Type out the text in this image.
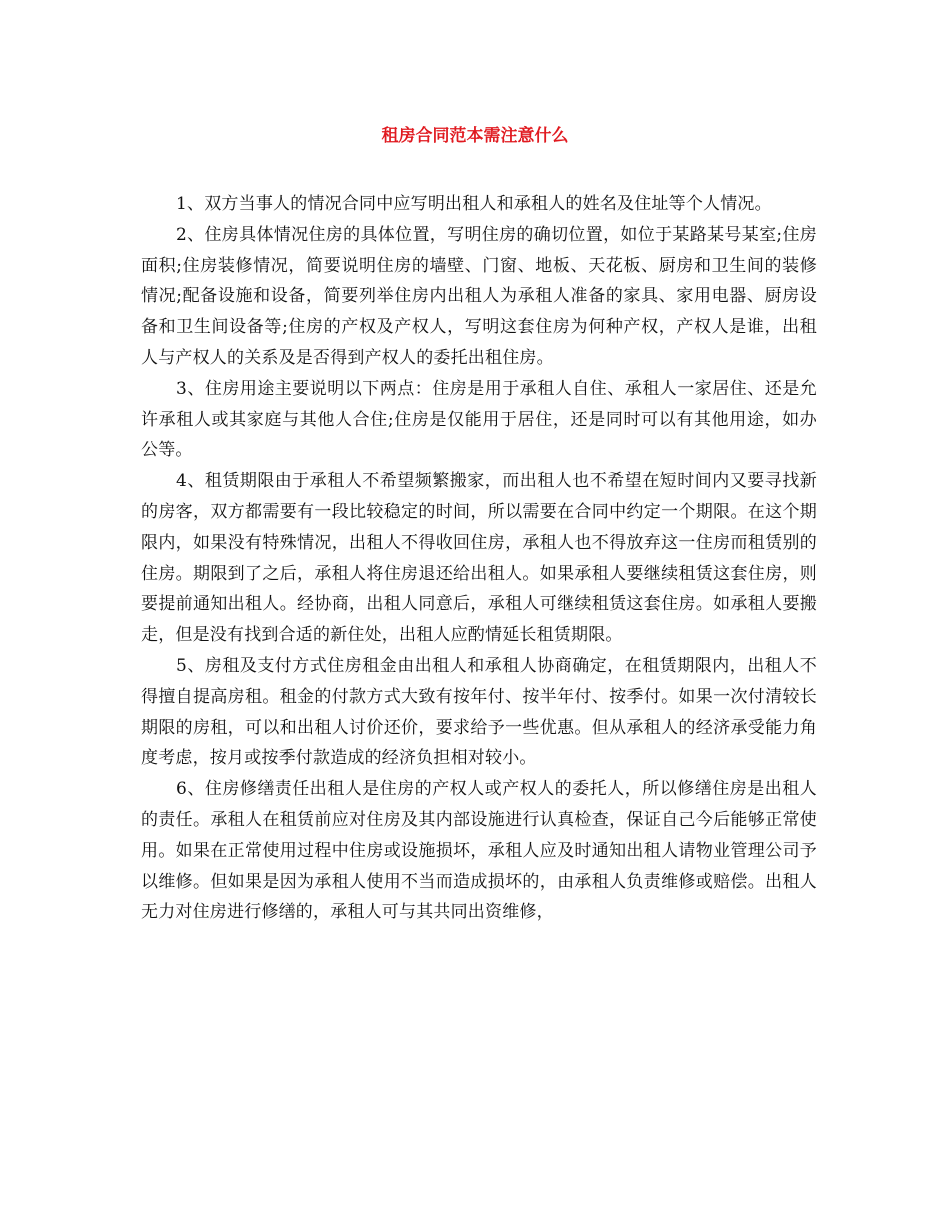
租房合同范本需注意什么

1、双方当事人的情况合同中应写明出租人和承租人的姓名及住址等个人情况。

2、住房具体情况住房的具体位置，写明住房的确切位置，如位于某路某号某室;住房面积;住房装修情况，简要说明住房的墙壁、门窗、地板、天花板、厨房和卫生间的装修情况;配备设施和设备，简要列举住房内出租人为承租人准备的家具、家用电器、厨房设备和卫生间设备等;住房的产权及产权人，写明这套住房为何种产权，产权人是谁，出租人与产权人的关系及是否得到产权人的委托出租住房。

3、住房用途主要说明以下两点：住房是用于承租人自住、承租人一家居住、还是允许承租人或其家庭与其他人合住;住房是仅能用于居住，还是同时可以有其他用途，如办公等。

4、租赁期限由于承租人不希望频繁搬家，而出租人也不希望在短时间内又要寻找新的房客，双方都需要有一段比较稳定的时间，所以需要在合同中约定一个期限。在这个期限内，如果没有特殊情况，出租人不得收回住房，承租人也不得放弃这一住房而租赁别的住房。期限到了之后，承租人将住房退还给出租人。如果承租人要继续租赁这套住房，则要提前通知出租人。经协商，出租人同意后，承租人可继续租赁这套住房。如承租人要搬走，但是没有找到合适的新住处，出租人应酌情延长租赁期限。

5、房租及支付方式住房租金由出租人和承租人协商确定，在租赁期限内，出租人不得擅自提高房租。租金的付款方式大致有按年付、按半年付、按季付。如果一次付清较长期限的房租，可以和出租人讨价还价，要求给予一些优惠。但从承租人的经济承受能力角度考虑，按月或按季付款造成的经济负担相对较小。

6、住房修缮责任出租人是住房的产权人或产权人的委托人，所以修缮住房是出租人的责任。承租人在租赁前应对住房及其内部设施进行认真检查，保证自己今后能够正常使用。如果在正常使用过程中住房或设施损坏，承租人应及时通知出租人请物业管理公司予以维修。但如果是因为承租人使用不当而造成损坏的，由承租人负责维修或赔偿。出租人无力对住房进行修缮的，承租人可与其共同出资维修，
